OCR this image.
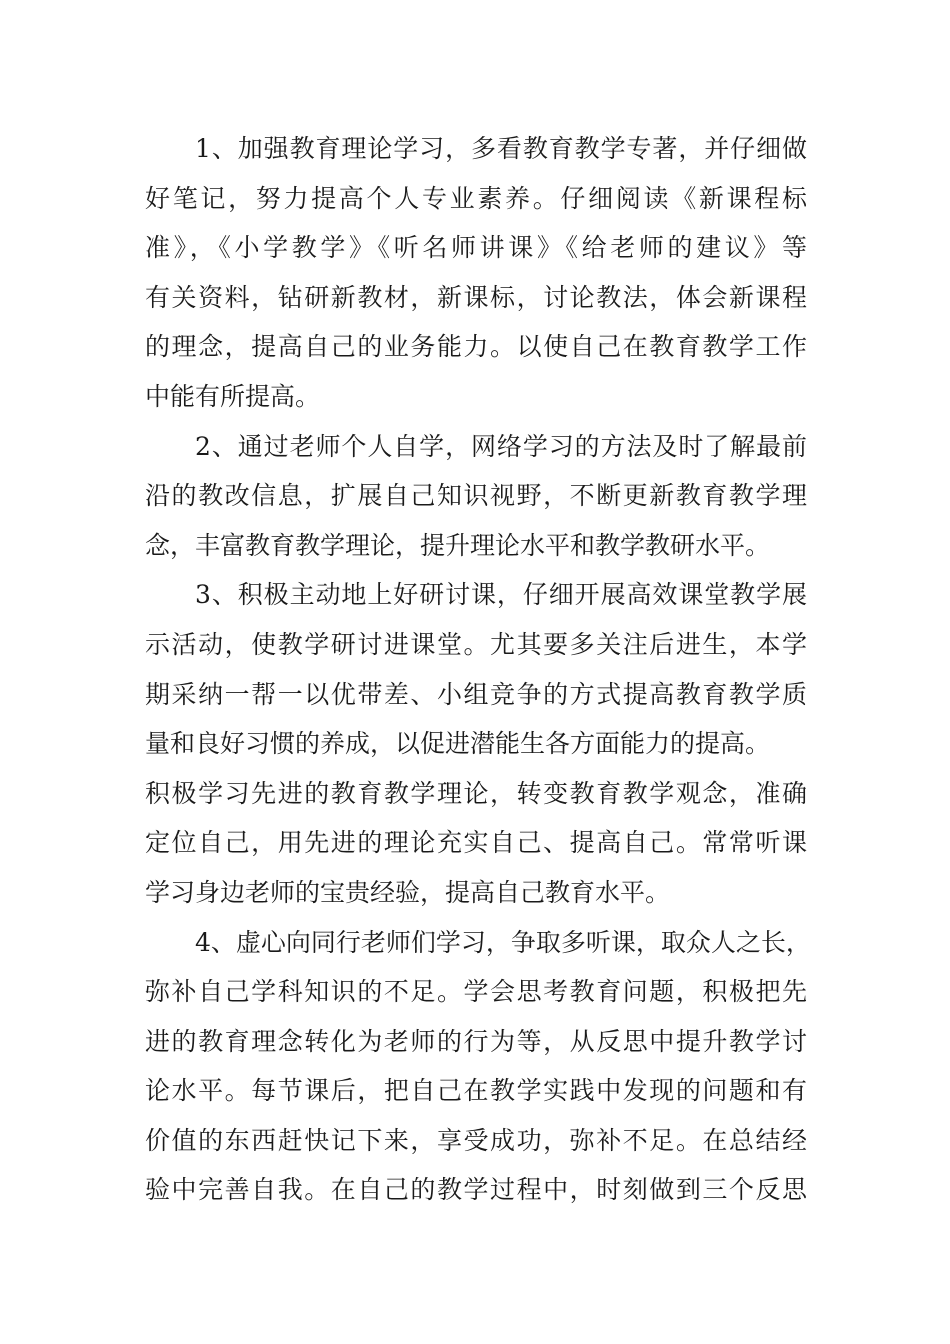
1、加强教育理论学习，多看教育教学专著，并仔细做
好笔记，努力提高个人专业素养。仔细阅读《新课程标
准》，《小学教学》《听名师讲课》《给老师的建议》等
有关资料，钻研新教材，新课标，讨论教法，体会新课程
的理念，提高自己的业务能力。以使自己在教育教学工作
中能有所提高。
2、通过老师个人自学，网络学习的方法及时了解最前
沿的教改信息，扩展自己知识视野，不断更新教育教学理
念，丰富教育教学理论，提升理论水平和教学教研水平。
3、积极主动地上好研讨课，仔细开展高效课堂教学展
示活动，使教学研讨进课堂。尤其要多关注后进生，本学
期采纳一帮一以优带差、小组竞争的方式提高教育教学质
量和良好习惯的养成，以促进潜能生各方面能力的提高。
积极学习先进的教育教学理论，转变教育教学观念，准确
定位自己，用先进的理论充实自己、提高自己。常常听课
学习身边老师的宝贵经验，提高自己教育水平。
4、虚心向同行老师们学习，争取多听课，取众人之长，
弥补自己学科知识的不足。学会思考教育问题，积极把先
进的教育理念转化为老师的行为等，从反思中提升教学讨
论水平。每节课后，把自己在教学实践中发现的问题和有
价值的东西赶快记下来，享受成功，弥补不足。在总结经
验中完善自我。在自己的教学过程中，时刻做到三个反思
